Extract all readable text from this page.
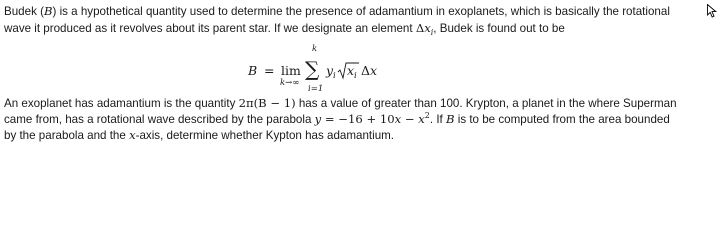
Budek (B) is a hypothetical quantity used to determine the presence of adamantium in exoplanets, which is basically the rotational
wave it produced as it revolves about its parent star. If we designate an element $\Delta x_i$, Budek is found out to be
B = lim
k→∞
k
∑
i=1
y i x i Δ x
An exoplanet has adamantium is the quantity 2π(B − 1) has a value of greater than 100. Krypton, a planet in the where Superman
came from, has a rotational wave described by the parabola $y = -16 + 10x - x^2$. If B is to be computed from the area bounded
by the parabola and the x-axis, determine whether Kypton has adamantium.
